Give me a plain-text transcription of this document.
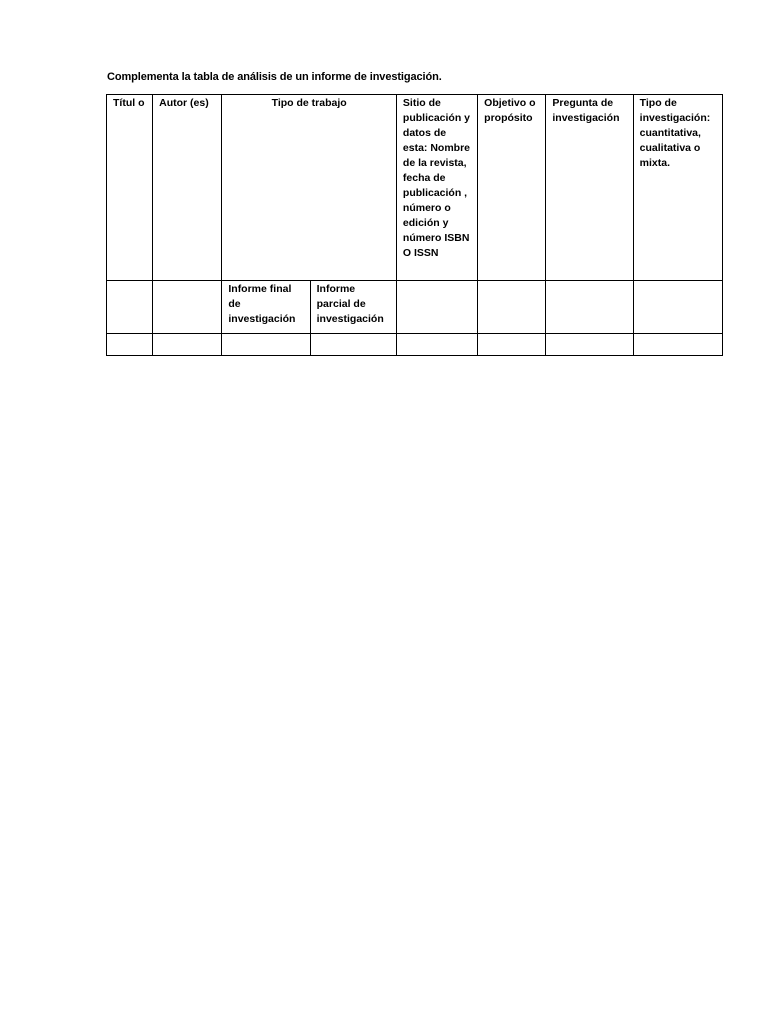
Complementa la tabla de análisis de un informe de investigación.
Títul o	Autor (es)	Tipo de trabajo		Sitio de publicación y datos de esta: Nombre de la revista, fecha de publicación , número o edición y número ISBN O ISSN	Objetivo o propósito	Pregunta de investigación	Tipo de investigación: cuantitativa, cualitativa o mixta.
		Informe final de investigación	Informe parcial de investigación				
